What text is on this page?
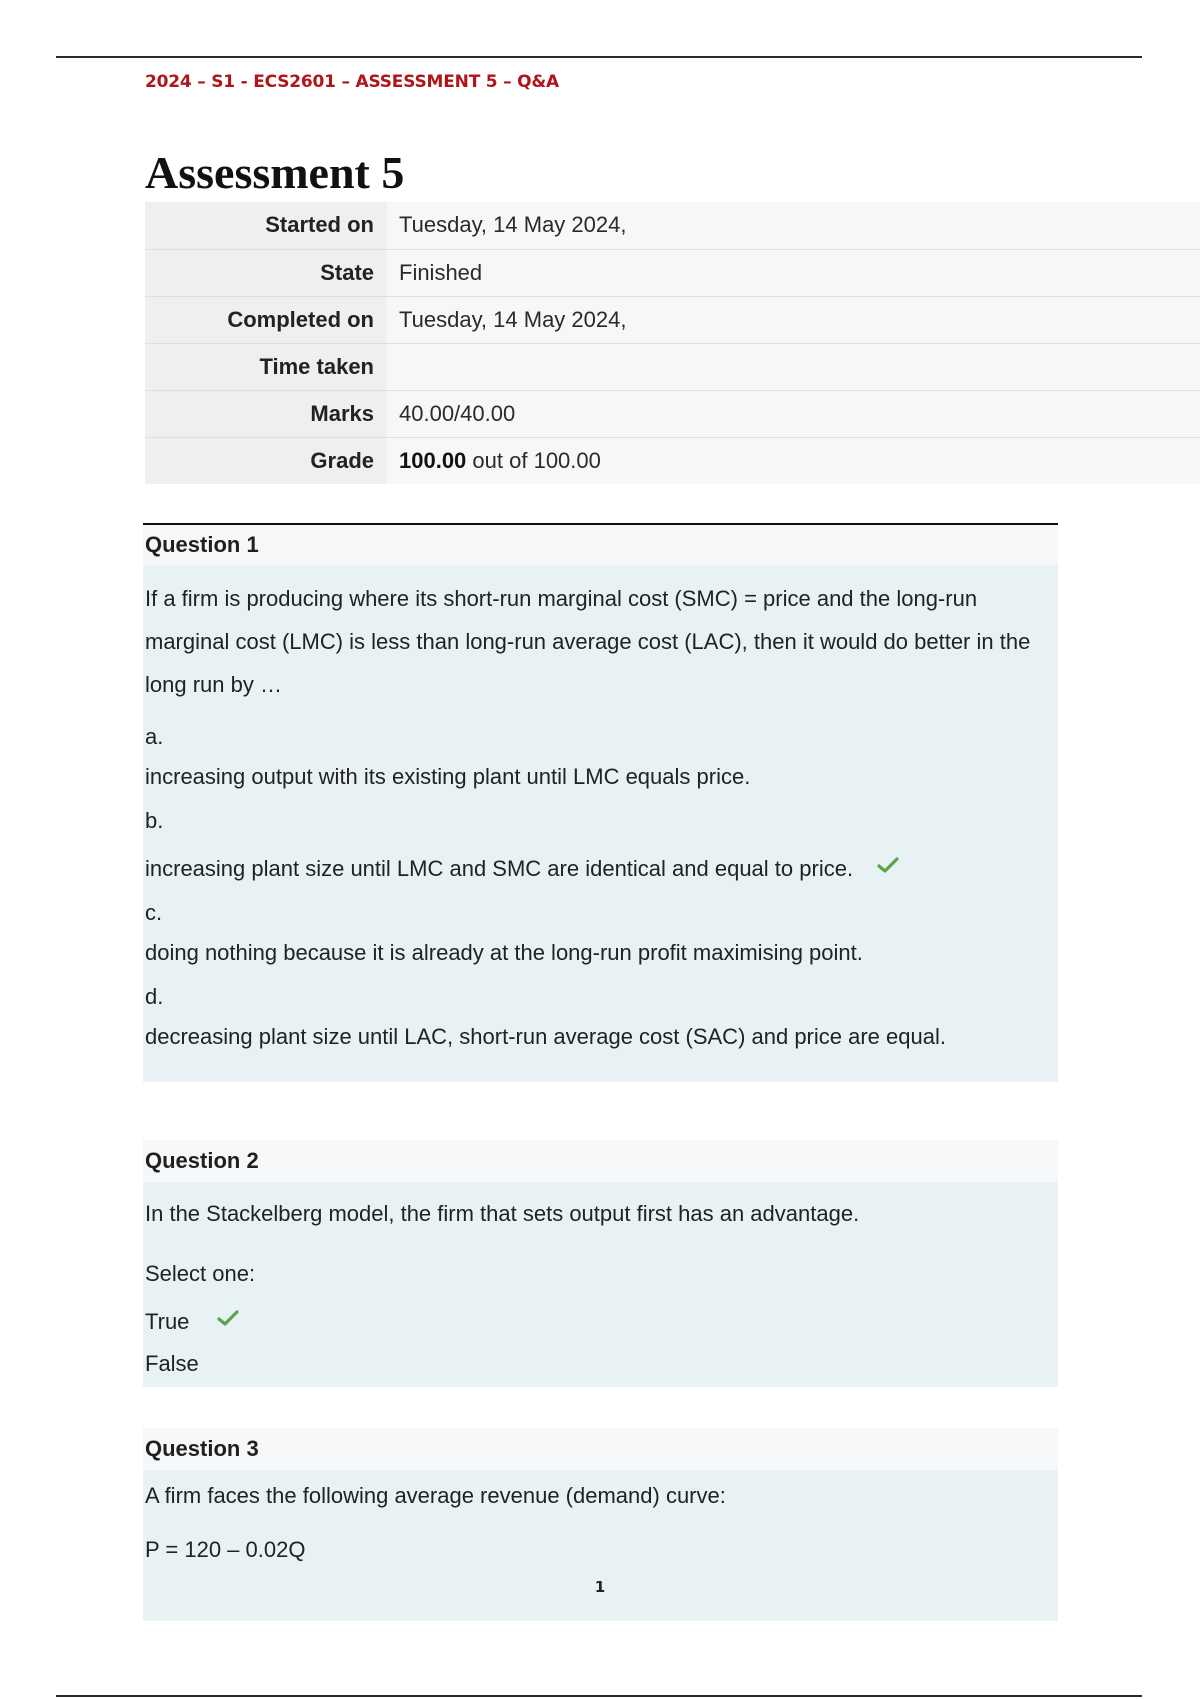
2024 – S1 - ECS2601 – ASSESSMENT 5 – Q&A
Assessment 5
Started on	Tuesday, 14 May 2024,
State	Finished
Completed on	Tuesday, 14 May 2024,
Time taken	
Marks	40.00/40.00
Grade	100.00 out of 100.00
Question 1
If a firm is producing where its short-run marginal cost (SMC) = price and the long-run marginal cost (LMC) is less than long-run average cost (LAC), then it would do better in the long run by …
a.
increasing output with its existing plant until LMC equals price.
b.
increasing plant size until LMC and SMC are identical and equal to price.
c.
doing nothing because it is already at the long-run profit maximising point.
d.
decreasing plant size until LAC, short-run average cost (SAC) and price are equal.
Question 2
In the Stackelberg model, the firm that sets output first has an advantage.
Select one:
True
False
Question 3
A firm faces the following average revenue (demand) curve:
P = 120 – 0.02Q
1
